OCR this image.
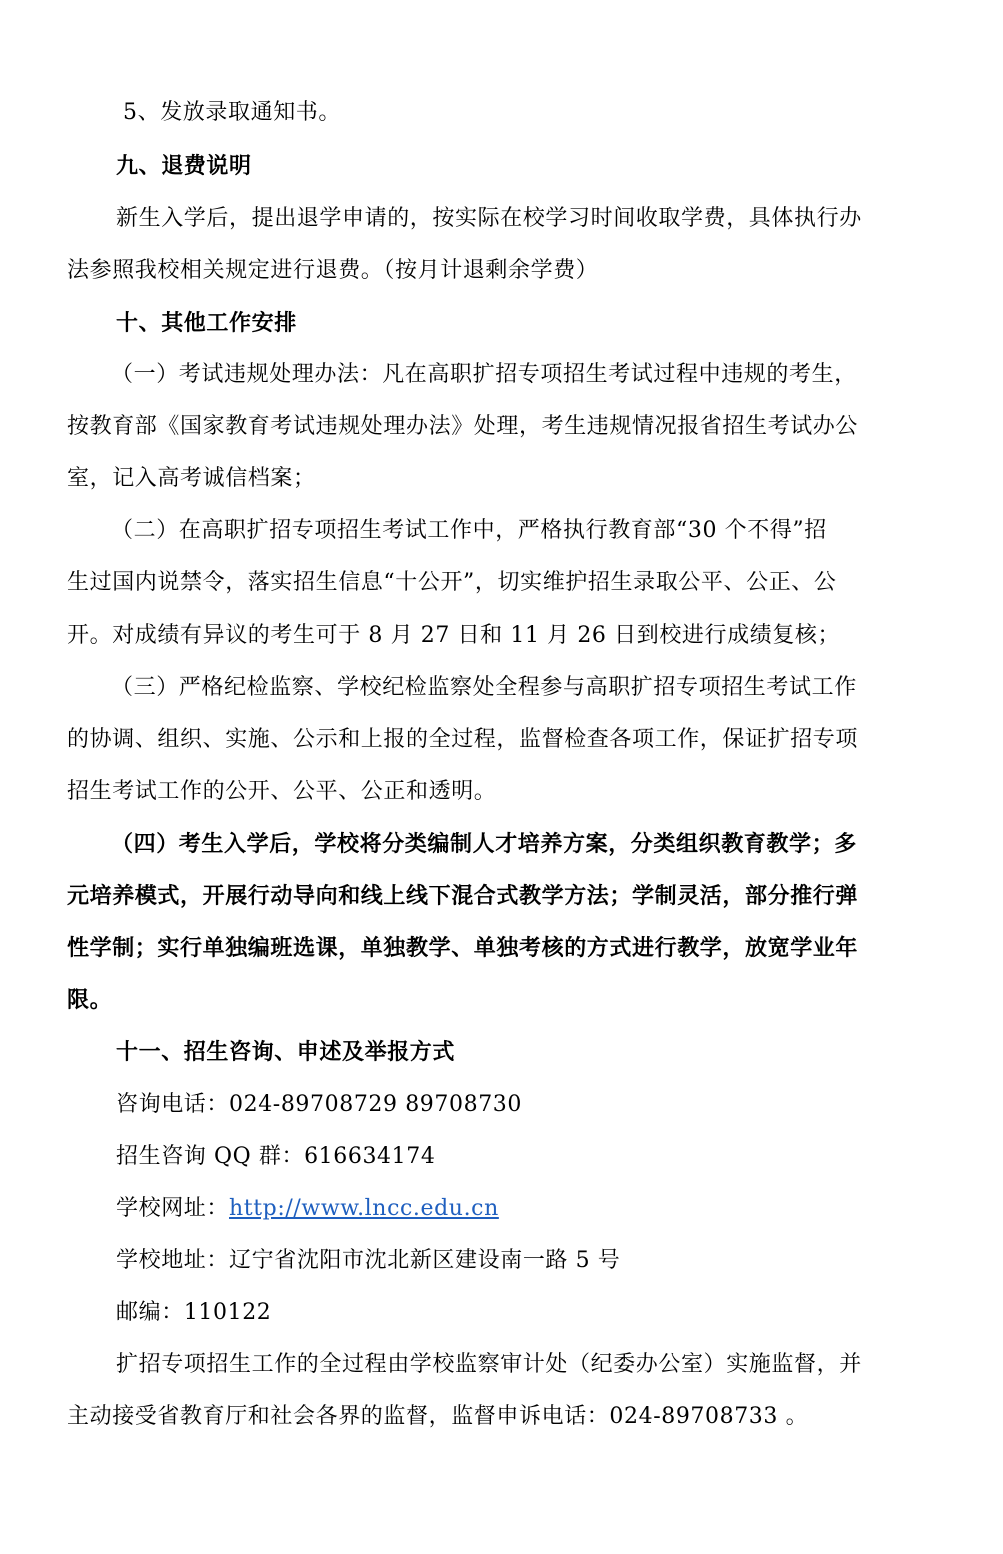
5、发放录取通知书。
九、退费说明
新生入学后，提出退学申请的，按实际在校学习时间收取学费，具体执行办
法参照我校相关规定进行退费。（按月计退剩余学费）
十、其他工作安排
（一）考试违规处理办法：凡在高职扩招专项招生考试过程中违规的考生，
按教育部《国家教育考试违规处理办法》处理，考生违规情况报省招生考试办公
室，记入高考诚信档案；
（二）在高职扩招专项招生考试工作中，严格执行教育部“30 个不得”招
生过国内说禁令，落实招生信息“十公开”，切实维护招生录取公平、公正、公
开。对成绩有异议的考生可于 8 月 27 日和 11 月 26 日到校进行成绩复核；
（三）严格纪检监察、学校纪检监察处全程参与高职扩招专项招生考试工作
的协调、组织、实施、公示和上报的全过程，监督检查各项工作，保证扩招专项
招生考试工作的公开、公平、公正和透明。
（四）考生入学后，学校将分类编制人才培养方案，分类组织教育教学；多
元培养模式，开展行动导向和线上线下混合式教学方法；学制灵活，部分推行弹
性学制；实行单独编班选课，单独教学、单独考核的方式进行教学，放宽学业年
限。
十一、招生咨询、申述及举报方式
咨询电话：024-89708729 89708730
招生咨询 QQ 群：616634174
学校网址：http://www.lncc.edu.cn
学校地址：辽宁省沈阳市沈北新区建设南一路 5 号
邮编：110122
扩招专项招生工作的全过程由学校监察审计处（纪委办公室）实施监督，并
主动接受省教育厅和社会各界的监督，监督申诉电话：024-89708733 。
